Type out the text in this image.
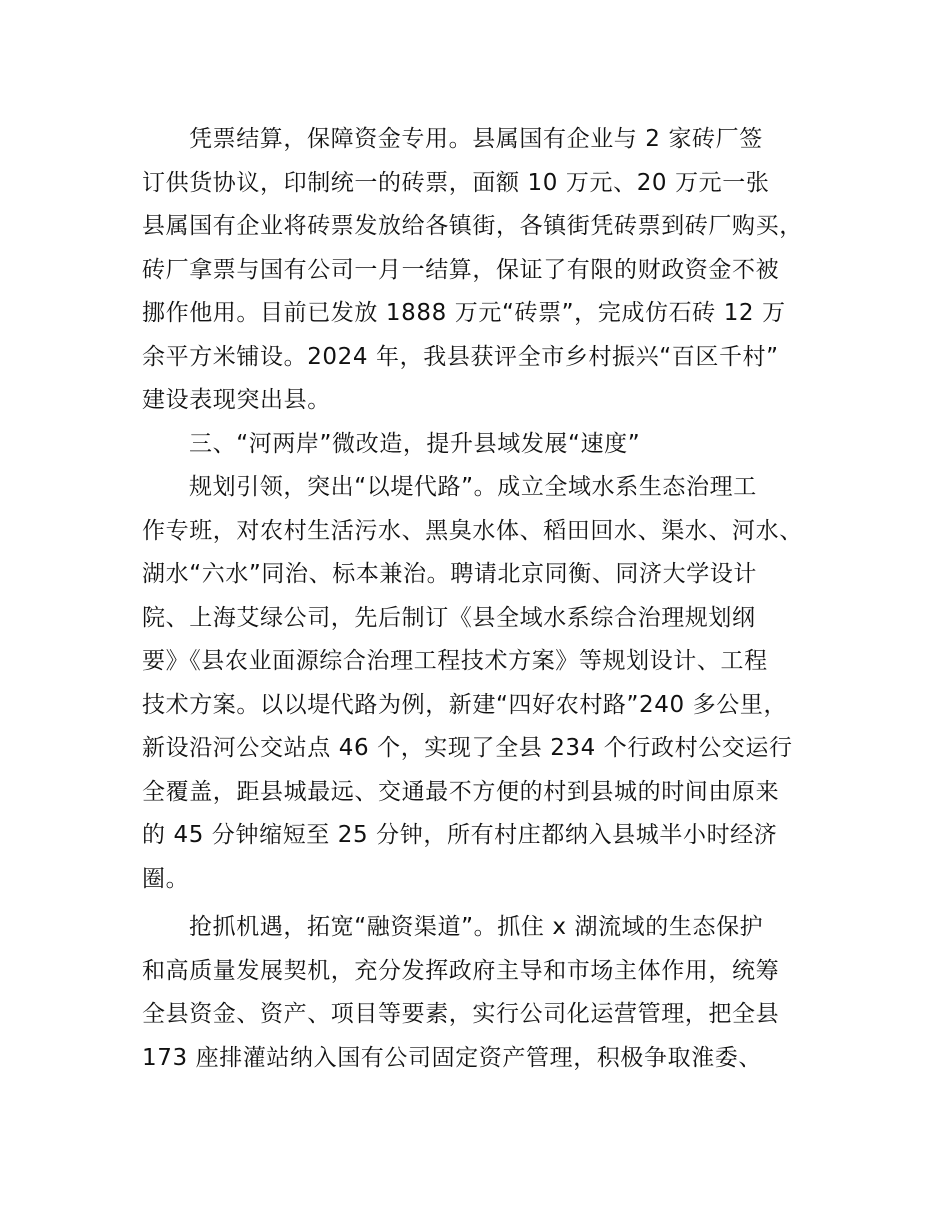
凭票结算，保障资金专用。县属国有企业与 2 家砖厂签
订供货协议，印制统一的砖票，面额 10 万元、20 万元一张
县属国有企业将砖票发放给各镇街，各镇街凭砖票到砖厂购买，
砖厂拿票与国有公司一月一结算，保证了有限的财政资金不被
挪作他用。目前已发放 1888 万元“砖票”，完成仿石砖 12 万
余平方米铺设。2024 年，我县获评全市乡村振兴“百区千村”
建设表现突出县。
三、“河两岸”微改造，提升县域发展“速度”
规划引领，突出“以堤代路”。成立全域水系生态治理工
作专班，对农村生活污水、黑臭水体、稻田回水、渠水、河水、
湖水“六水”同治、标本兼治。聘请北京同衡、同济大学设计
院、上海艾绿公司，先后制订《县全域水系综合治理规划纲
要》《县农业面源综合治理工程技术方案》等规划设计、工程
技术方案。以以堤代路为例，新建“四好农村路”240 多公里，
新设沿河公交站点 46 个，实现了全县 234 个行政村公交运行
全覆盖，距县城最远、交通最不方便的村到县城的时间由原来
的 45 分钟缩短至 25 分钟，所有村庄都纳入县城半小时经济
圈。
抢抓机遇，拓宽“融资渠道”。抓住 x 湖流域的生态保护
和高质量发展契机，充分发挥政府主导和市场主体作用，统筹
全县资金、资产、项目等要素，实行公司化运营管理，把全县
173 座排灌站纳入国有公司固定资产管理，积极争取淮委、
